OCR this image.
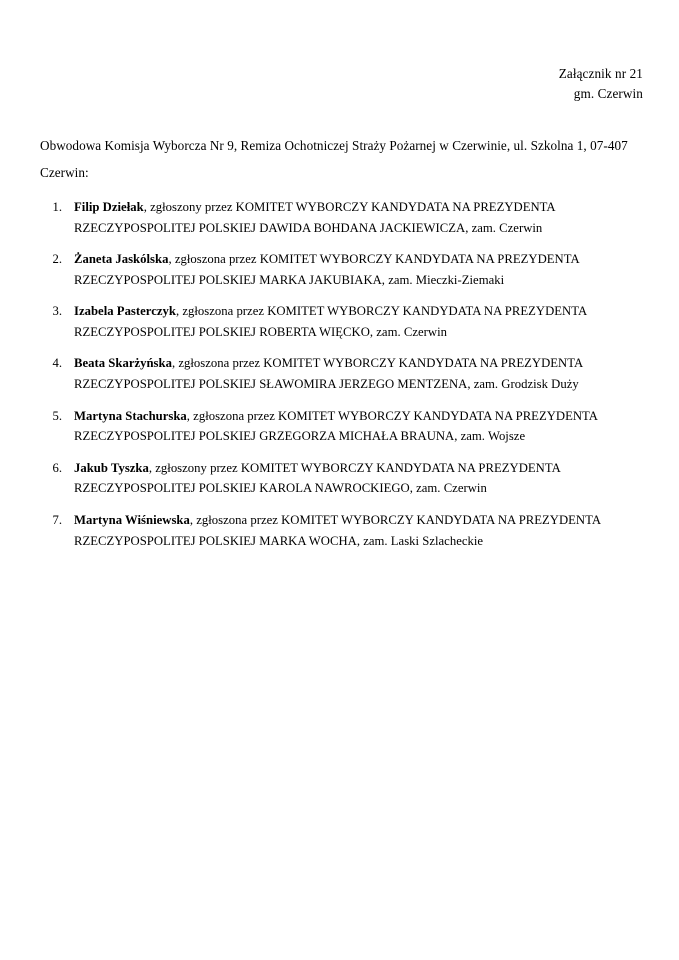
Załącznik nr 21
gm. Czerwin

Obwodowa Komisja Wyborcza Nr 9, Remiza Ochotniczej Straży Pożarnej w Czerwinie, ul. Szkolna 1, 07-407 Czerwin:

1. Filip Dziełak, zgłoszony przez KOMITET WYBORCZY KANDYDATA NA PREZYDENTA RZECZYPOSPOLITEJ POLSKIEJ DAWIDA BOHDANA JACKIEWICZA, zam. Czerwin
2. Żaneta Jaskólska, zgłoszona przez KOMITET WYBORCZY KANDYDATA NA PREZYDENTA RZECZYPOSPOLITEJ POLSKIEJ MARKA JAKUBIAKA, zam. Mieczki-Ziemaki
3. Izabela Pasterczyk, zgłoszona przez KOMITET WYBORCZY KANDYDATA NA PREZYDENTA RZECZYPOSPOLITEJ POLSKIEJ ROBERTA WIĘCKO, zam. Czerwin
4. Beata Skarżyńska, zgłoszona przez KOMITET WYBORCZY KANDYDATA NA PREZYDENTA RZECZYPOSPOLITEJ POLSKIEJ SŁAWOMIRA JERZEGO MENTZENA, zam. Grodzisk Duży
5. Martyna Stachurska, zgłoszona przez KOMITET WYBORCZY KANDYDATA NA PREZYDENTA RZECZYPOSPOLITEJ POLSKIEJ GRZEGORZA MICHAŁA BRAUNA, zam. Wojsze
6. Jakub Tyszka, zgłoszony przez KOMITET WYBORCZY KANDYDATA NA PREZYDENTA RZECZYPOSPOLITEJ POLSKIEJ KAROLA NAWROCKIEGO, zam. Czerwin
7. Martyna Wiśniewska, zgłoszona przez KOMITET WYBORCZY KANDYDATA NA PREZYDENTA RZECZYPOSPOLITEJ POLSKIEJ MARKA WOCHA, zam. Laski Szlacheckie
